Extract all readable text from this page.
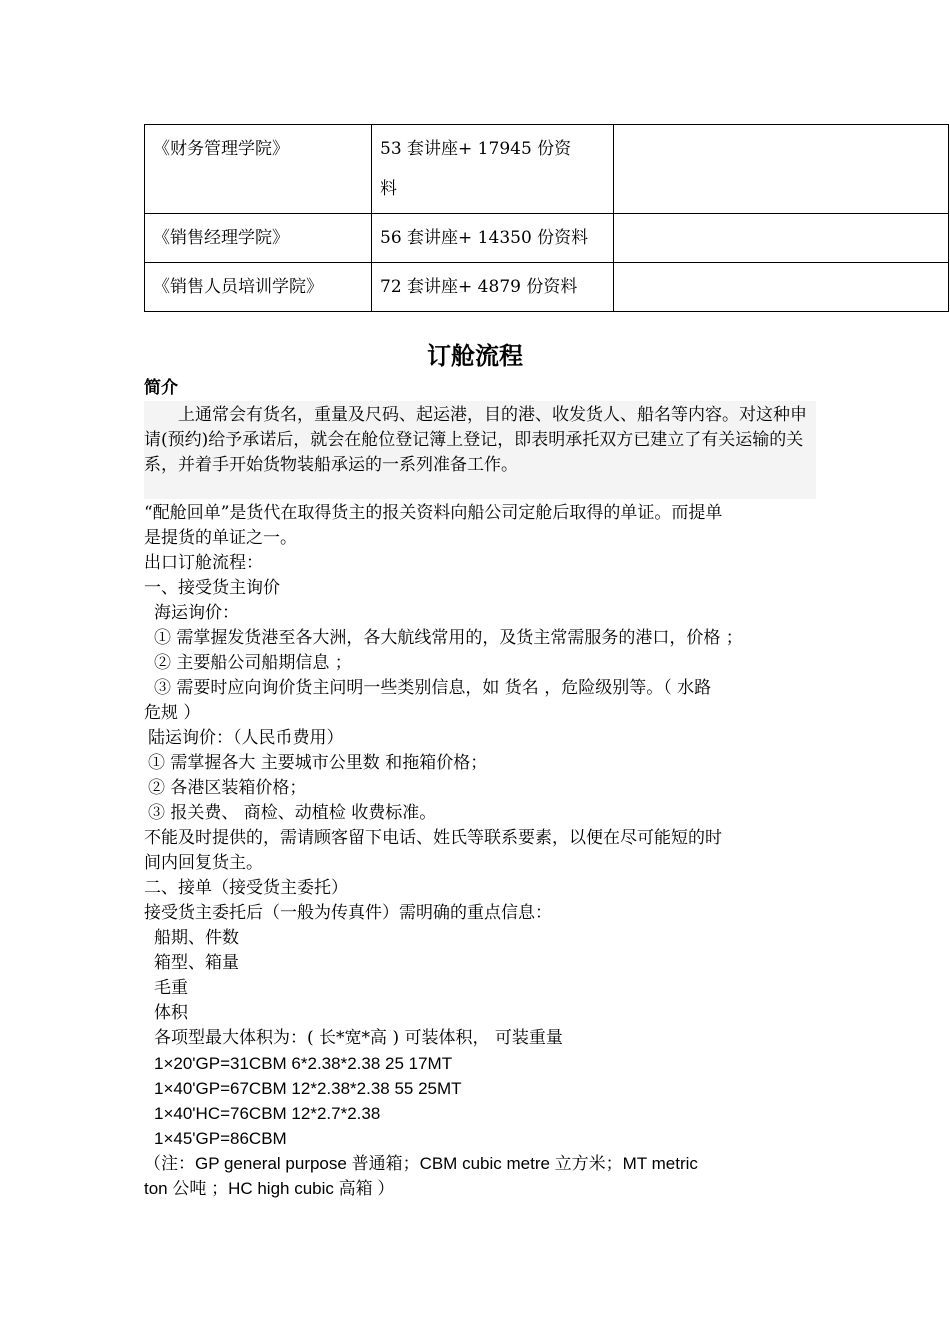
《财务管理学院》	53 套讲座+ 17945 份资
料	

《销售经理学院》	56 套讲座+ 14350 份资料	
《销售人员培训学院》	72 套讲座+ 4879 份资料	
订舱流程

简介

上通常会有货名，重量及尺码、起运港，目的港、收发货人、船名等内容。对这种申请(预约)给予承诺后，就会在舱位登记簿上登记，即表明承托双方已建立了有关运输的关系，并着手开始货物装船承运的一系列准备工作。

“配舱回单”是货代在取得货主的报关资料向船公司定舱后取得的单证。而提单

是提货的单证之一。

出口订舱流程：

一、接受货主询价

海运询价：

① 需掌握发货港至各大洲，各大航线常用的，及货主常需服务的港口，价格 ；

② 主要船公司船期信息 ；

③ 需要时应向询价货主问明一些类别信息，如 货名 ，危险级别等。（ 水路

危规 ）

陆运询价：（人民币费用）

① 需掌握各大 主要城市公里数 和拖箱价格；

② 各港区装箱价格；

③ 报关费、 商检、动植检 收费标准。

不能及时提供的，需请顾客留下电话、姓氏等联系要素，以便在尽可能短的时

间内回复货主。

二、接单（接受货主委托）

接受货主委托后（一般为传真件）需明确的重点信息：

船期、件数

箱型、箱量

毛重

体积

各项型最大体积为：( 长*宽*高 ) 可装体积， 可装重量

1×20'GP=31CBM 6*2.38*2.38 25 17MT

1×40'GP=67CBM 12*2.38*2.38 55 25MT

1×40'HC=76CBM 12*2.7*2.38

1×45'GP=86CBM

（注：GP general purpose 普通箱；CBM cubic metre 立方米；MT metric

ton 公吨 ；HC high cubic 高箱 ）
